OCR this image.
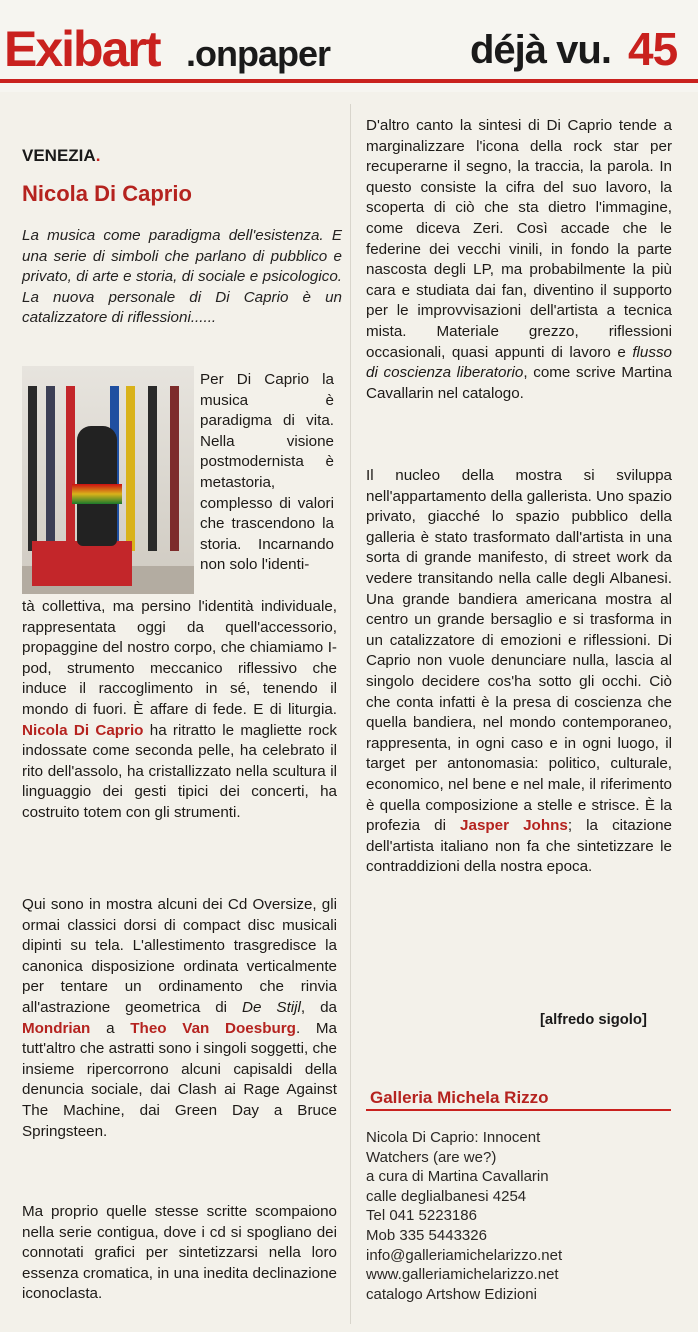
Exibart .onpaper	déjà vu. 45
VENEZIA.
Nicola Di Caprio
La musica come paradigma dell'esistenza. E una serie di simboli che parlano di pubblico e privato, di arte e storia, di sociale e psicologico. La nuova personale di Di Caprio è un catalizzatore di riflessioni......
Per Di Caprio la musica è paradigma di vita. Nella visione postmodernista è metastoria, complesso di valori che trascendono la storia. Incarnando non solo l'identi-
tà collettiva, ma persino l'identità individuale, rappresentata oggi da quell'accessorio, propaggine del nostro corpo, che chiamiamo I-pod, strumento meccanico riflessivo che induce il raccoglimento in sé, tenendo il mondo di fuori. È affare di fede. E di liturgia. Nicola Di Caprio ha ritratto le magliette rock indossate come seconda pelle, ha celebrato il rito dell'assolo, ha cristallizzato nella scultura il linguaggio dei gesti tipici dei concerti, ha costruito totem con gli strumenti.
Qui sono in mostra alcuni dei Cd Oversize, gli ormai classici dorsi di compact disc musicali dipinti su tela. L'allestimento trasgredisce la canonica disposizione ordinata verticalmente per tentare un ordinamento che rinvia all'astrazione geometrica di De Stijl, da Mondrian a Theo Van Doesburg. Ma tutt'altro che astratti sono i singoli soggetti, che insieme ripercorrono alcuni capisaldi della denuncia sociale, dai Clash ai Rage Against The Machine, dai Green Day a Bruce Springsteen.
Ma proprio quelle stesse scritte scompaiono nella serie contigua, dove i cd si spogliano dei connotati grafici per sintetizzarsi nella loro essenza cromatica, in una inedita declinazione iconoclasta.
D'altro canto la sintesi di Di Caprio tende a marginalizzare l'icona della rock star per recuperarne il segno, la traccia, la parola. In questo consiste la cifra del suo lavoro, la scoperta di ciò che sta dietro l'immagine, come diceva Zeri. Così accade che le federine dei vecchi vinili, in fondo la parte nascosta degli LP, ma probabilmente la più cara e studiata dai fan, diventino il supporto per le improvvisazioni dell'artista a tecnica mista. Materiale grezzo, riflessioni occasionali, quasi appunti di lavoro e flusso di coscienza liberatorio, come scrive Martina Cavallarin nel catalogo.
Il nucleo della mostra si sviluppa nell'appartamento della gallerista. Uno spazio privato, giacché lo spazio pubblico della galleria è stato trasformato dall'artista in una sorta di grande manifesto, di street work da vedere transitando nella calle degli Albanesi. Una grande bandiera americana mostra al centro un grande bersaglio e si trasforma in un catalizzatore di emozioni e riflessioni. Di Caprio non vuole denunciare nulla, lascia al singolo decidere cos'ha sotto gli occhi. Ciò che conta infatti è la presa di coscienza che quella bandiera, nel mondo contemporaneo, rappresenta, in ogni caso e in ogni luogo, il target per antonomasia: politico, culturale, economico, nel bene e nel male, il riferimento è quella composizione a stelle e strisce. È la profezia di Jasper Johns; la citazione dell'artista italiano non fa che sintetizzare le contraddizioni della nostra epoca.
[alfredo sigolo]
Galleria Michela Rizzo
Nicola Di Caprio: Innocent
Watchers (are we?)
a cura di Martina Cavallarin
calle deglialbanesi 4254
Tel 041 5223186
Mob 335 5443326
info@galleriamichelarizzo.net
www.galleriamichelarizzo.net
catalogo Artshow Edizioni
